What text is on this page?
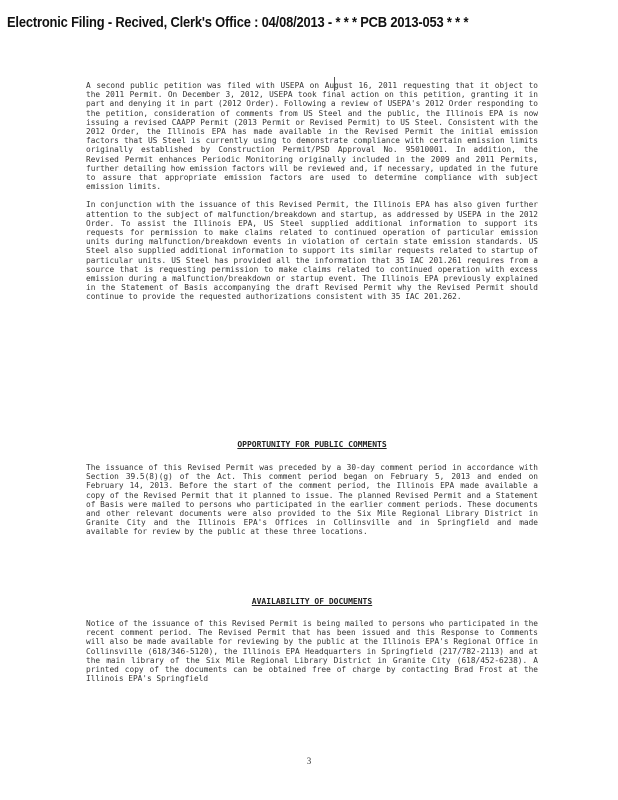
Electronic Filing - Recived, Clerk's Office : 04/08/2013 - * * * PCB 2013-053 * * *

A second public petition was filed with USEPA on August 16, 2011 requesting that it object to the 2011 Permit. On December 3, 2012, USEPA took final action on this petition, granting it in part and denying it in part (2012 Order). Following a review of USEPA's 2012 Order responding to the petition, consideration of comments from US Steel and the public, the Illinois EPA is now issuing a revised CAAPP Permit (2013 Permit or Revised Permit) to US Steel. Consistent with the 2012 Order, the Illinois EPA has made available in the Revised Permit the initial emission factors that US Steel is currently using to demonstrate compliance with certain emission limits originally established by Construction Permit/PSD Approval No. 95010001. In addition, the Revised Permit enhances Periodic Monitoring originally included in the 2009 and 2011 Permits, further detailing how emission factors will be reviewed and, if necessary, updated in the future to assure that appropriate emission factors are used to determine compliance with subject emission limits.

In conjunction with the issuance of this Revised Permit, the Illinois EPA has also given further attention to the subject of malfunction/breakdown and startup, as addressed by USEPA in the 2012 Order. To assist the Illinois EPA, US Steel supplied additional information to support its requests for permission to make claims related to continued operation of particular emission units during malfunction/breakdown events in violation of certain state emission standards. US Steel also supplied additional information to support its similar requests related to startup of particular units. US Steel has provided all the information that 35 IAC 201.261 requires from a source that is requesting permission to make claims related to continued operation with excess emission during a malfunction/breakdown or startup event. The Illinois EPA previously explained in the Statement of Basis accompanying the draft Revised Permit why the Revised Permit should continue to provide the requested authorizations consistent with 35 IAC 201.262.

OPPORTUNITY FOR PUBLIC COMMENTS

The issuance of this Revised Permit was preceded by a 30-day comment period in accordance with Section 39.5(8)(g) of the Act. This comment period began on February 5, 2013 and ended on February 14, 2013. Before the start of the comment period, the Illinois EPA made available a copy of the Revised Permit that it planned to issue. The planned Revised Permit and a Statement of Basis were mailed to persons who participated in the earlier comment periods. These documents and other relevant documents were also provided to the Six Mile Regional Library District in Granite City and the Illinois EPA's Offices in Collinsville and in Springfield and made available for review by the public at these three locations.

AVAILABILITY OF DOCUMENTS

Notice of the issuance of this Revised Permit is being mailed to persons who participated in the recent comment period. The Revised Permit that has been issued and this Response to Comments will also be made available for reviewing by the public at the Illinois EPA's Regional Office in Collinsville (618/346-5120), the Illinois EPA Headquarters in Springfield (217/782-2113) and at the main library of the Six Mile Regional Library District in Granite City (618/452-6238). A printed copy of the documents can be obtained free of charge by contacting Brad Frost at the Illinois EPA's Springfield

3
